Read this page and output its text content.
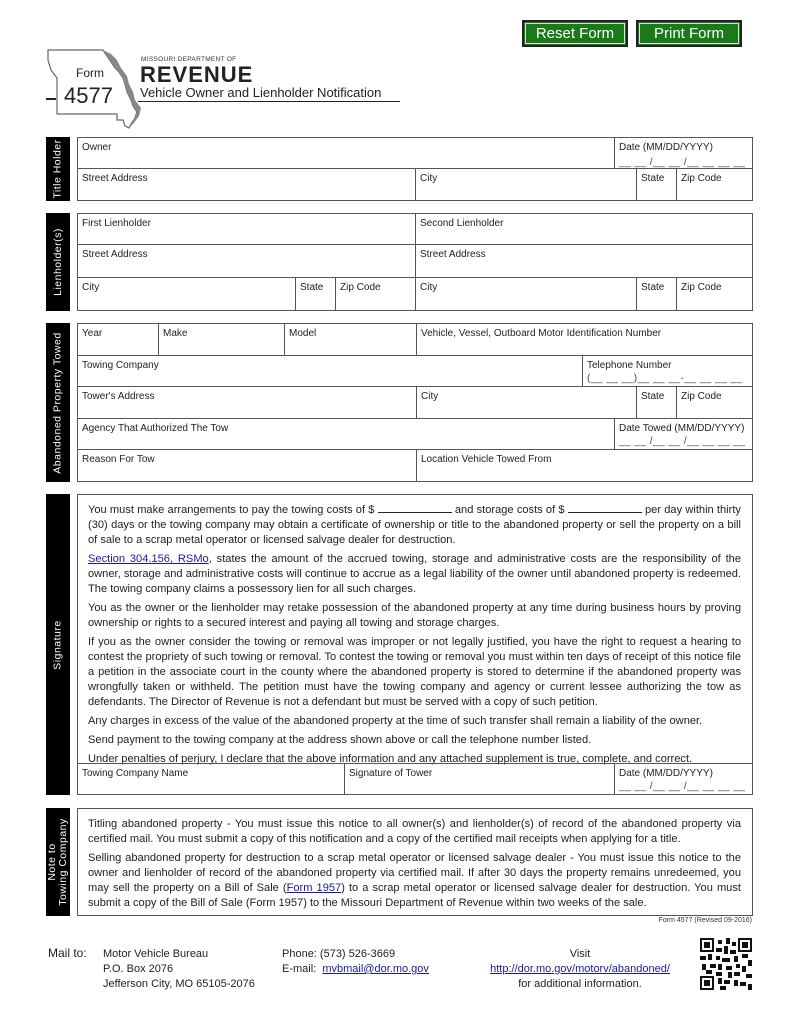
Reset Form	Print Form
Form
4577
MISSOURI DEPARTMENT OF
REVENUE
Vehicle Owner and Lienholder Notification
Title Holder	Owner	Date (MM/DD/YYYY)
__ __ /__ __ /__ __ __ __
Street Address	City	State	Zip Code
Lienholder(s)
First Lienholder	Second Lienholder
Street Address	Street Address
City	State	Zip Code	City	State	Zip Code
Abandoned Property Towed	Year	Make	Model	Vehicle, Vessel, Outboard Motor Identification Number
Towing Company	Telephone Number
(__ __ __)__ __ __-__ __ __ __
Tower's Address	City	State	Zip Code
Agency That Authorized The Tow	Date Towed (MM/DD/YYYY)
__ __ /__ __ /__ __ __ __
Reason For Tow	Location Vehicle Towed From
Signature

You must make arrangements to pay the towing costs of $	and storage costs of $	per day within thirty (30) days or the towing company may obtain a certificate of ownership or title to the abandoned property or sell the property on a bill of sale to a scrap metal operator or licensed salvage dealer for destruction.

Section 304.156, RSMo, states the amount of the accrued towing, storage and administrative costs are the responsibility of the owner, storage and administrative costs will continue to accrue as a legal liability of the owner until abandoned property is redeemed. The towing company claims a possessory lien for all such charges.

You as the owner or the lienholder may retake possession of the abandoned property at any time during business hours by proving ownership or rights to a secured interest and paying all towing and storage charges.

If you as the owner consider the towing or removal was improper or not legally justified, you have the right to request a hearing to contest the propriety of such towing or removal. To contest the towing or removal you must within ten days of receipt of this notice file a petition in the associate court in the county where the abandoned property is stored to determine if the abandoned property was wrongfully taken or withheld. The petition must have the towing company and agency or current lessee authorizing the tow as defendants. The Director of Revenue is not a defendant but must be served with a copy of such petition.

Any charges in excess of the value of the abandoned property at the time of such transfer shall remain a liability of the owner.

Send payment to the towing company at the address shown above or call the telephone number listed.

Under penalties of perjury, I declare that the above information and any attached supplement is true, complete, and correct.

Towing Company Name	Signature of Tower	Date (MM/DD/YYYY)
__ __ /__ __ /__ __ __ __
Note to
Towing Company Titling abandoned property - You must issue this notice to all owner(s) and lienholder(s) of record of the abandoned property via certified mail. You must submit a copy of this notification and a copy of the certified mail receipts when applying for a title.

Selling abandoned property for destruction to a scrap metal operator or licensed salvage dealer - You must issue this notice to the owner and lienholder of record of the abandoned property via certified mail. If after 30 days the property remains unredeemed, you may sell the property on a Bill of Sale (Form 1957) to a scrap metal operator or licensed salvage dealer for destruction. You must submit a copy of the Bill of Sale (Form 1957) to the Missouri Department of Revenue within two weeks of the sale.

Form 4577 (Revised 09-2016)
Mail to: Motor Vehicle Bureau
P.O. Box 2076
Jefferson City, MO 65105-2076
Phone: (573) 526-3669
E-mail: mvbmail@dor.mo.gov
Visit
http://dor.mo.gov/motorv/abandoned/
for additional information.
